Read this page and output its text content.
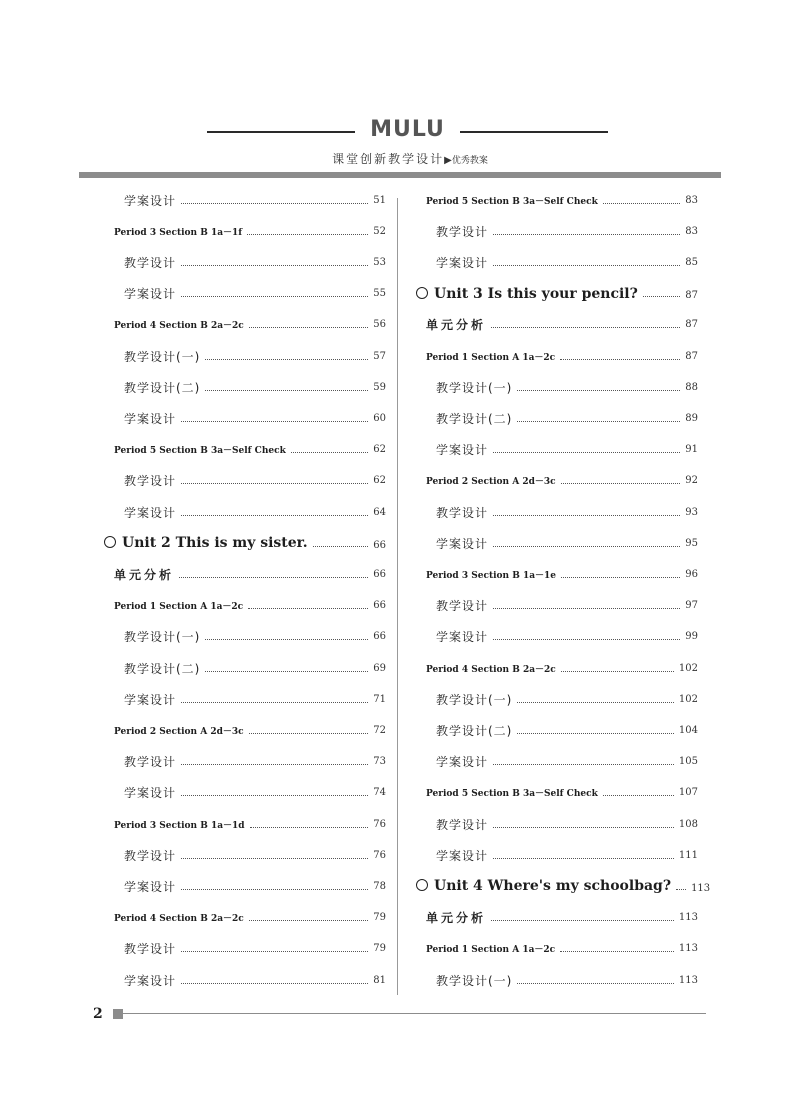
MULU
课堂创新教学设计▶优秀教案
学案设计	51
Period 3 Section B 1a－1f	52
教学设计	53
学案设计	55
Period 4 Section B 2a－2c	56
教学设计(一)	57
教学设计(二)	59
学案设计	60
Period 5 Section B 3a－Self Check	62
教学设计	62
学案设计	64
Unit 2 This is my sister.	66
单元分析	66
Period 1 Section A 1a－2c	66
教学设计(一)	66
教学设计(二)	69
学案设计	71
Period 2 Section A 2d－3c	72
教学设计	73
学案设计	74
Period 3 Section B 1a－1d	76
教学设计	76
学案设计	78
Period 4 Section B 2a－2c	79
教学设计	79
学案设计	81
Period 5 Section B 3a－Self Check	83
教学设计	83
学案设计	85
Unit 3 Is this your pencil?	87
单元分析	87
Period 1 Section A 1a－2c	87
教学设计(一)	88
教学设计(二)	89
学案设计	91
Period 2 Section A 2d－3c	92
教学设计	93
学案设计	95
Period 3 Section B 1a－1e	96
教学设计	97
学案设计	99
Period 4 Section B 2a－2c	102
教学设计(一)	102
教学设计(二)	104
学案设计	105
Period 5 Section B 3a－Self Check	107
教学设计	108
学案设计	111
Unit 4 Where's my schoolbag? 113
单元分析	113
Period 1 Section A 1a－2c	113
教学设计(一)	113
2
